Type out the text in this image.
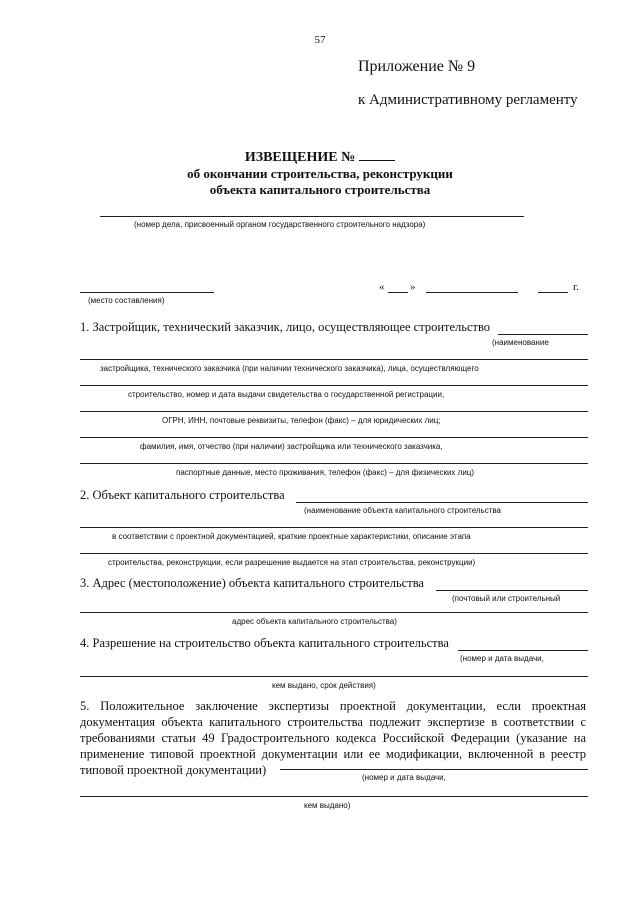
57
Приложение № 9
к Административному регламенту
ИЗВЕЩЕНИЕ №
об окончании строительства, реконструкции
объекта капитального строительства
(номер дела, присвоенный органом государственного строительного надзора)
(место составления)
« »	г.
1. Застройщик, технический заказчик, лицо, осуществляющее строительство
(наименование
застройщика, технического заказчика (при наличии технического заказчика), лица, осуществляющего
строительство, номер и дата выдачи свидетельства о государственной регистрации,
ОГРН, ИНН, почтовые реквизиты, телефон (факс) – для юридических лиц;
фамилия, имя, отчество (при наличии) застройщика или технического заказчика,
паспортные данные, место проживания, телефон (факс) – для физических лиц)
2. Объект капитального строительства
(наименование объекта капитального строительства
в соответствии с проектной документацией, краткие проектные характеристики, описание этапа
строительства, реконструкции, если разрешение выдается на этап строительства, реконструкции)
3. Адрес (местоположение) объекта капитального строительства
(почтовый или строительный
адрес объекта капитального строительства)
4. Разрешение на строительство объекта капитального строительства
(номер и дата выдачи,
кем выдано, срок действия)
5. Положительное заключение экспертизы проектной документации, если проектная документация объекта капитального строительства подлежит экспертизе в соответствии с требованиями статьи 49 Градостроительного кодекса Российской Федерации (указание на применение типовой проектной документации или ее модификации, включенной в реестр типовой проектной документации)
(номер и дата выдачи,
кем выдано)
